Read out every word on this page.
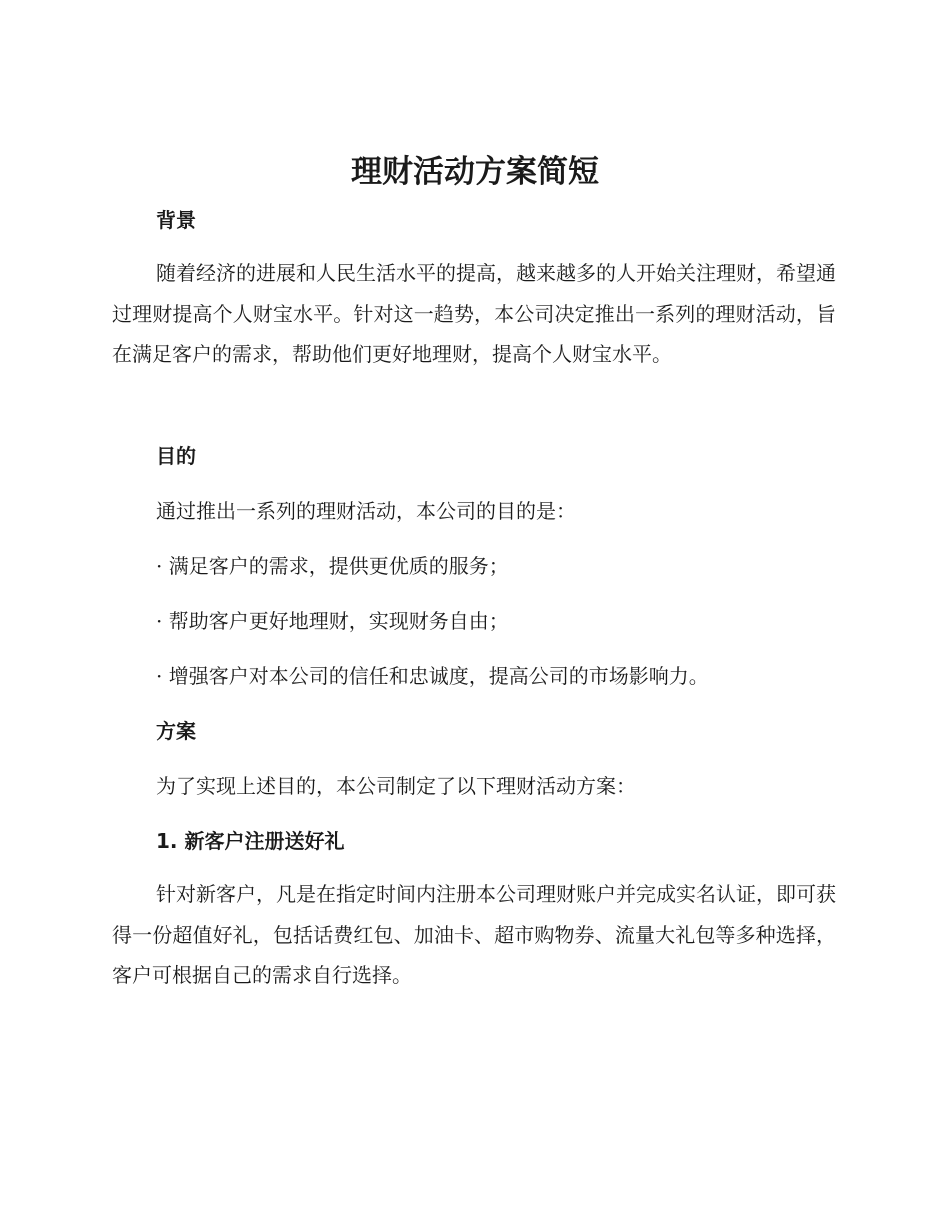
理财活动方案简短
背景

随着经济的进展和人民生活水平的提高，越来越多的人开始关注理财，希望通过理财提高个人财宝水平。针对这一趋势，本公司决定推出一系列的理财活动，旨在满足客户的需求，帮助他们更好地理财，提高个人财宝水平。

目的

通过推出一系列的理财活动，本公司的目的是：

· 满足客户的需求，提供更优质的服务；

· 帮助客户更好地理财，实现财务自由；

· 增强客户对本公司的信任和忠诚度，提高公司的市场影响力。

方案

为了实现上述目的，本公司制定了以下理财活动方案：

1. 新客户注册送好礼

针对新客户，凡是在指定时间内注册本公司理财账户并完成实名认证，即可获得一份超值好礼，包括话费红包、加油卡、超市购物券、流量大礼包等多种选择，客户可根据自己的需求自行选择。
